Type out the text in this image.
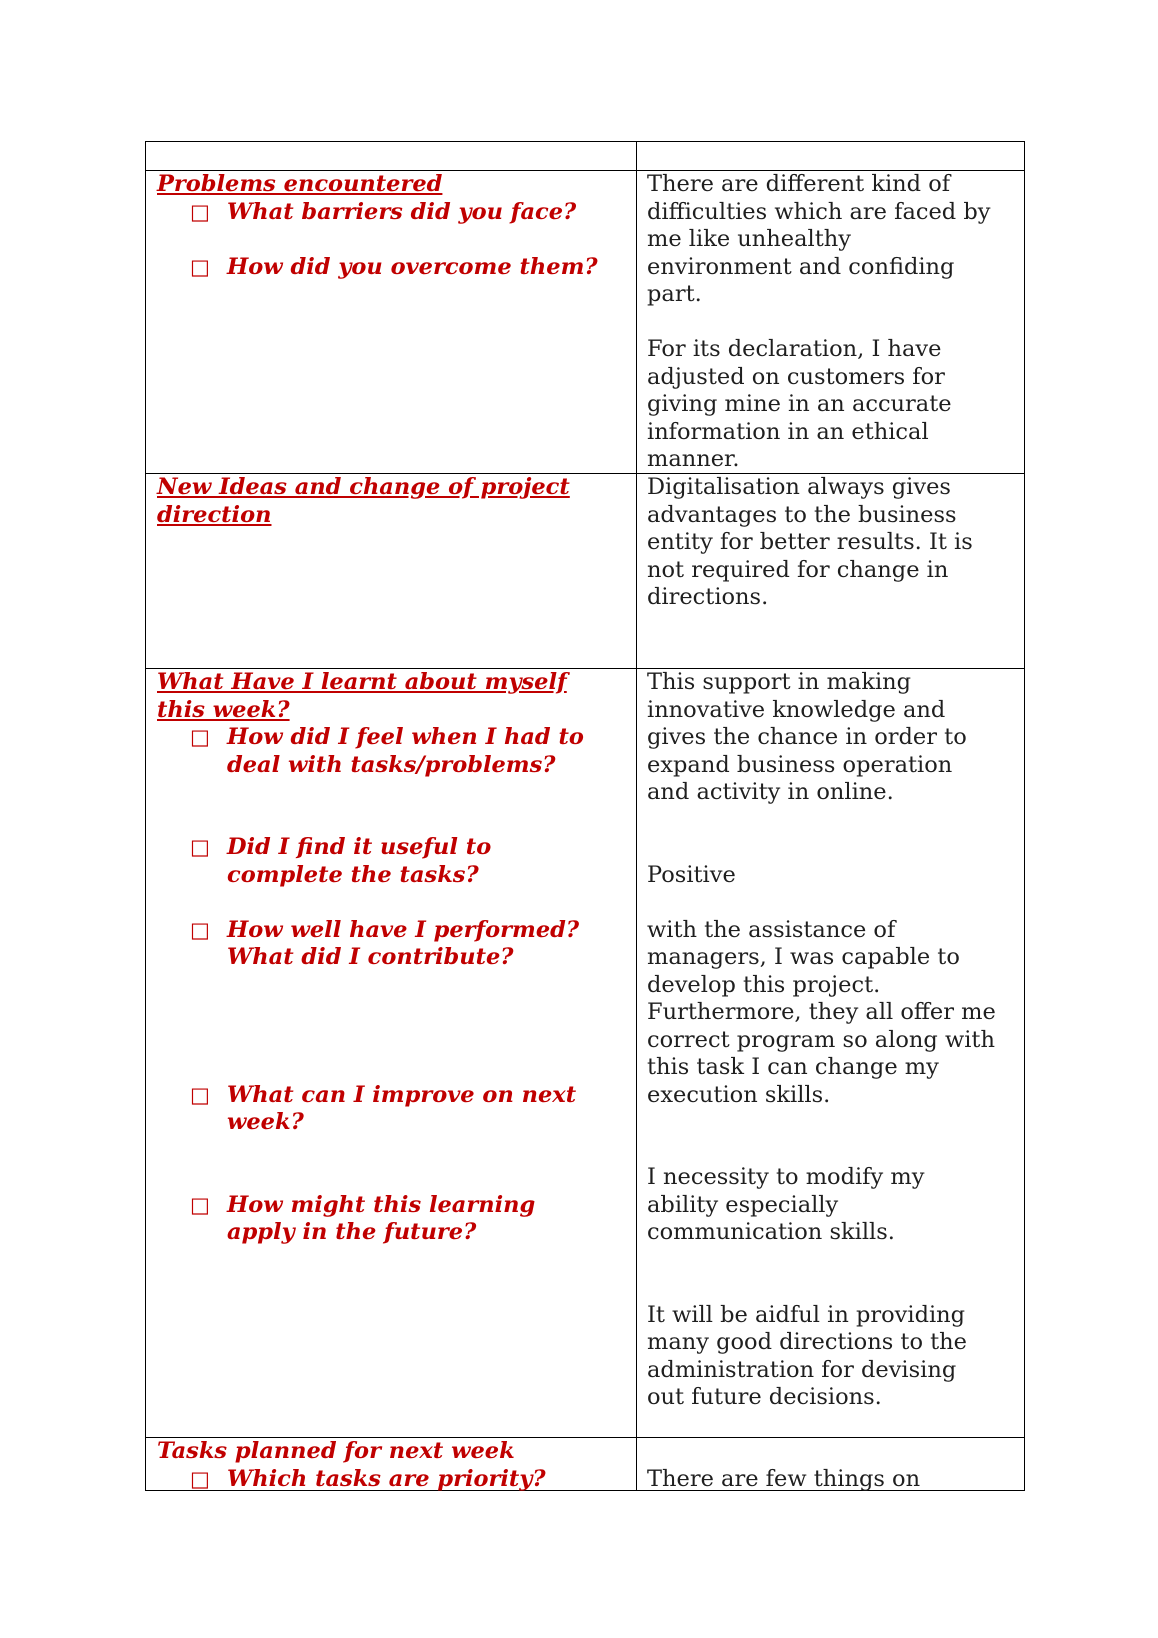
Problems encountered
□ What barriers did you face?
□ How did you overcome them?
There are different kind of
difficulties which are faced by
me like unhealthy
environment and confiding
part.
For its declaration, I have
adjusted on customers for
giving mine in an accurate
information in an ethical
manner.
New Ideas and change of project
direction
Digitalisation always gives
advantages to the business
entity for better results. It is
not required for change in
directions.
What Have I learnt about myself
this week?
□ How did I feel when I had to
deal with tasks/problems?
□ Did I find it useful to
complete the tasks?
□ How well have I performed?
What did I contribute?
□ What can I improve on next
week?
□ How might this learning
apply in the future?
This support in making
innovative knowledge and
gives the chance in order to
expand business operation
and activity in online.
Positive
with the assistance of
managers, I was capable to
develop this project.
Furthermore, they all offer me
correct program so along with
this task I can change my
execution skills.
I necessity to modify my
ability especially
communication skills.
It will be aidful in providing
many good directions to the
administration for devising
out future decisions.
Tasks planned for next week
□ Which tasks are priority?	There are few things on
